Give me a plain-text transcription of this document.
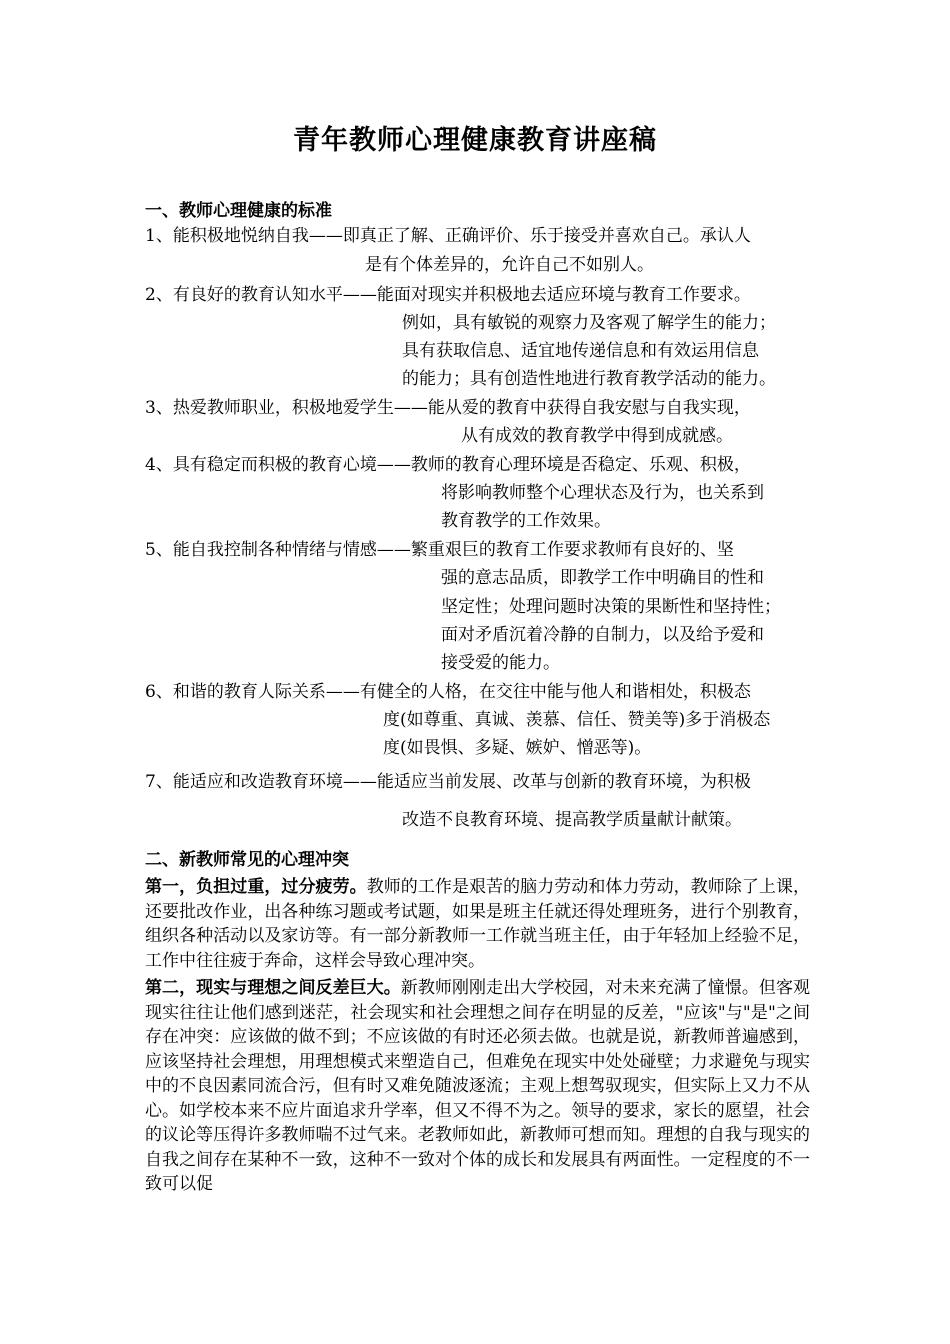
青年教师心理健康教育讲座稿
一、教师心理健康的标准
1、能积极地悦纳自我——即真正了解、正确评价、乐于接受并喜欢自己。承认人
是有个体差异的，允许自己不如别人。
2、有良好的教育认知水平——能面对现实并积极地去适应环境与教育工作要求。
例如，具有敏锐的观察力及客观了解学生的能力；
具有获取信息、适宜地传递信息和有效运用信息
的能力；具有创造性地进行教育教学活动的能力。
3、热爱教师职业，积极地爱学生——能从爱的教育中获得自我安慰与自我实现，
从有成效的教育教学中得到成就感。
4、具有稳定而积极的教育心境——教师的教育心理环境是否稳定、乐观、积极，
将影响教师整个心理状态及行为，也关系到
教育教学的工作效果。
5、能自我控制各种情绪与情感——繁重艰巨的教育工作要求教师有良好的、坚
强的意志品质，即教学工作中明确目的性和
坚定性；处理问题时决策的果断性和坚持性；
面对矛盾沉着冷静的自制力，以及给予爱和
接受爱的能力。
6、和谐的教育人际关系——有健全的人格，在交往中能与他人和谐相处，积极态
度(如尊重、真诚、羡慕、信任、赞美等)多于消极态
度(如畏惧、多疑、嫉妒、憎恶等)。
7、能适应和改造教育环境——能适应当前发展、改革与创新的教育环境，为积极
改造不良教育环境、提高教学质量献计献策。
二、新教师常见的心理冲突
第一，负担过重，过分疲劳。教师的工作是艰苦的脑力劳动和体力劳动，教师除了上课，还要批改作业，出各种练习题或考试题，如果是班主任就还得处理班务，进行个别教育，组织各种活动以及家访等。有一部分新教师一工作就当班主任，由于年轻加上经验不足，工作中往往疲于奔命，这样会导致心理冲突。
第二，现实与理想之间反差巨大。新教师刚刚走出大学校园，对未来充满了憧憬。但客观现实往往让他们感到迷茫，社会现实和社会理想之间存在明显的反差，"应该"与"是"之间存在冲突：应该做的做不到；不应该做的有时还必须去做。也就是说，新教师普遍感到，应该坚持社会理想，用理想模式来塑造自己，但难免在现实中处处碰壁；力求避免与现实中的不良因素同流合污，但有时又难免随波逐流；主观上想驾驭现实，但实际上又力不从心。如学校本来不应片面追求升学率，但又不得不为之。领导的要求，家长的愿望，社会的议论等压得许多教师喘不过气来。老教师如此，新教师可想而知。理想的自我与现实的自我之间存在某种不一致，这种不一致对个体的成长和发展具有两面性。一定程度的不一致可以促
